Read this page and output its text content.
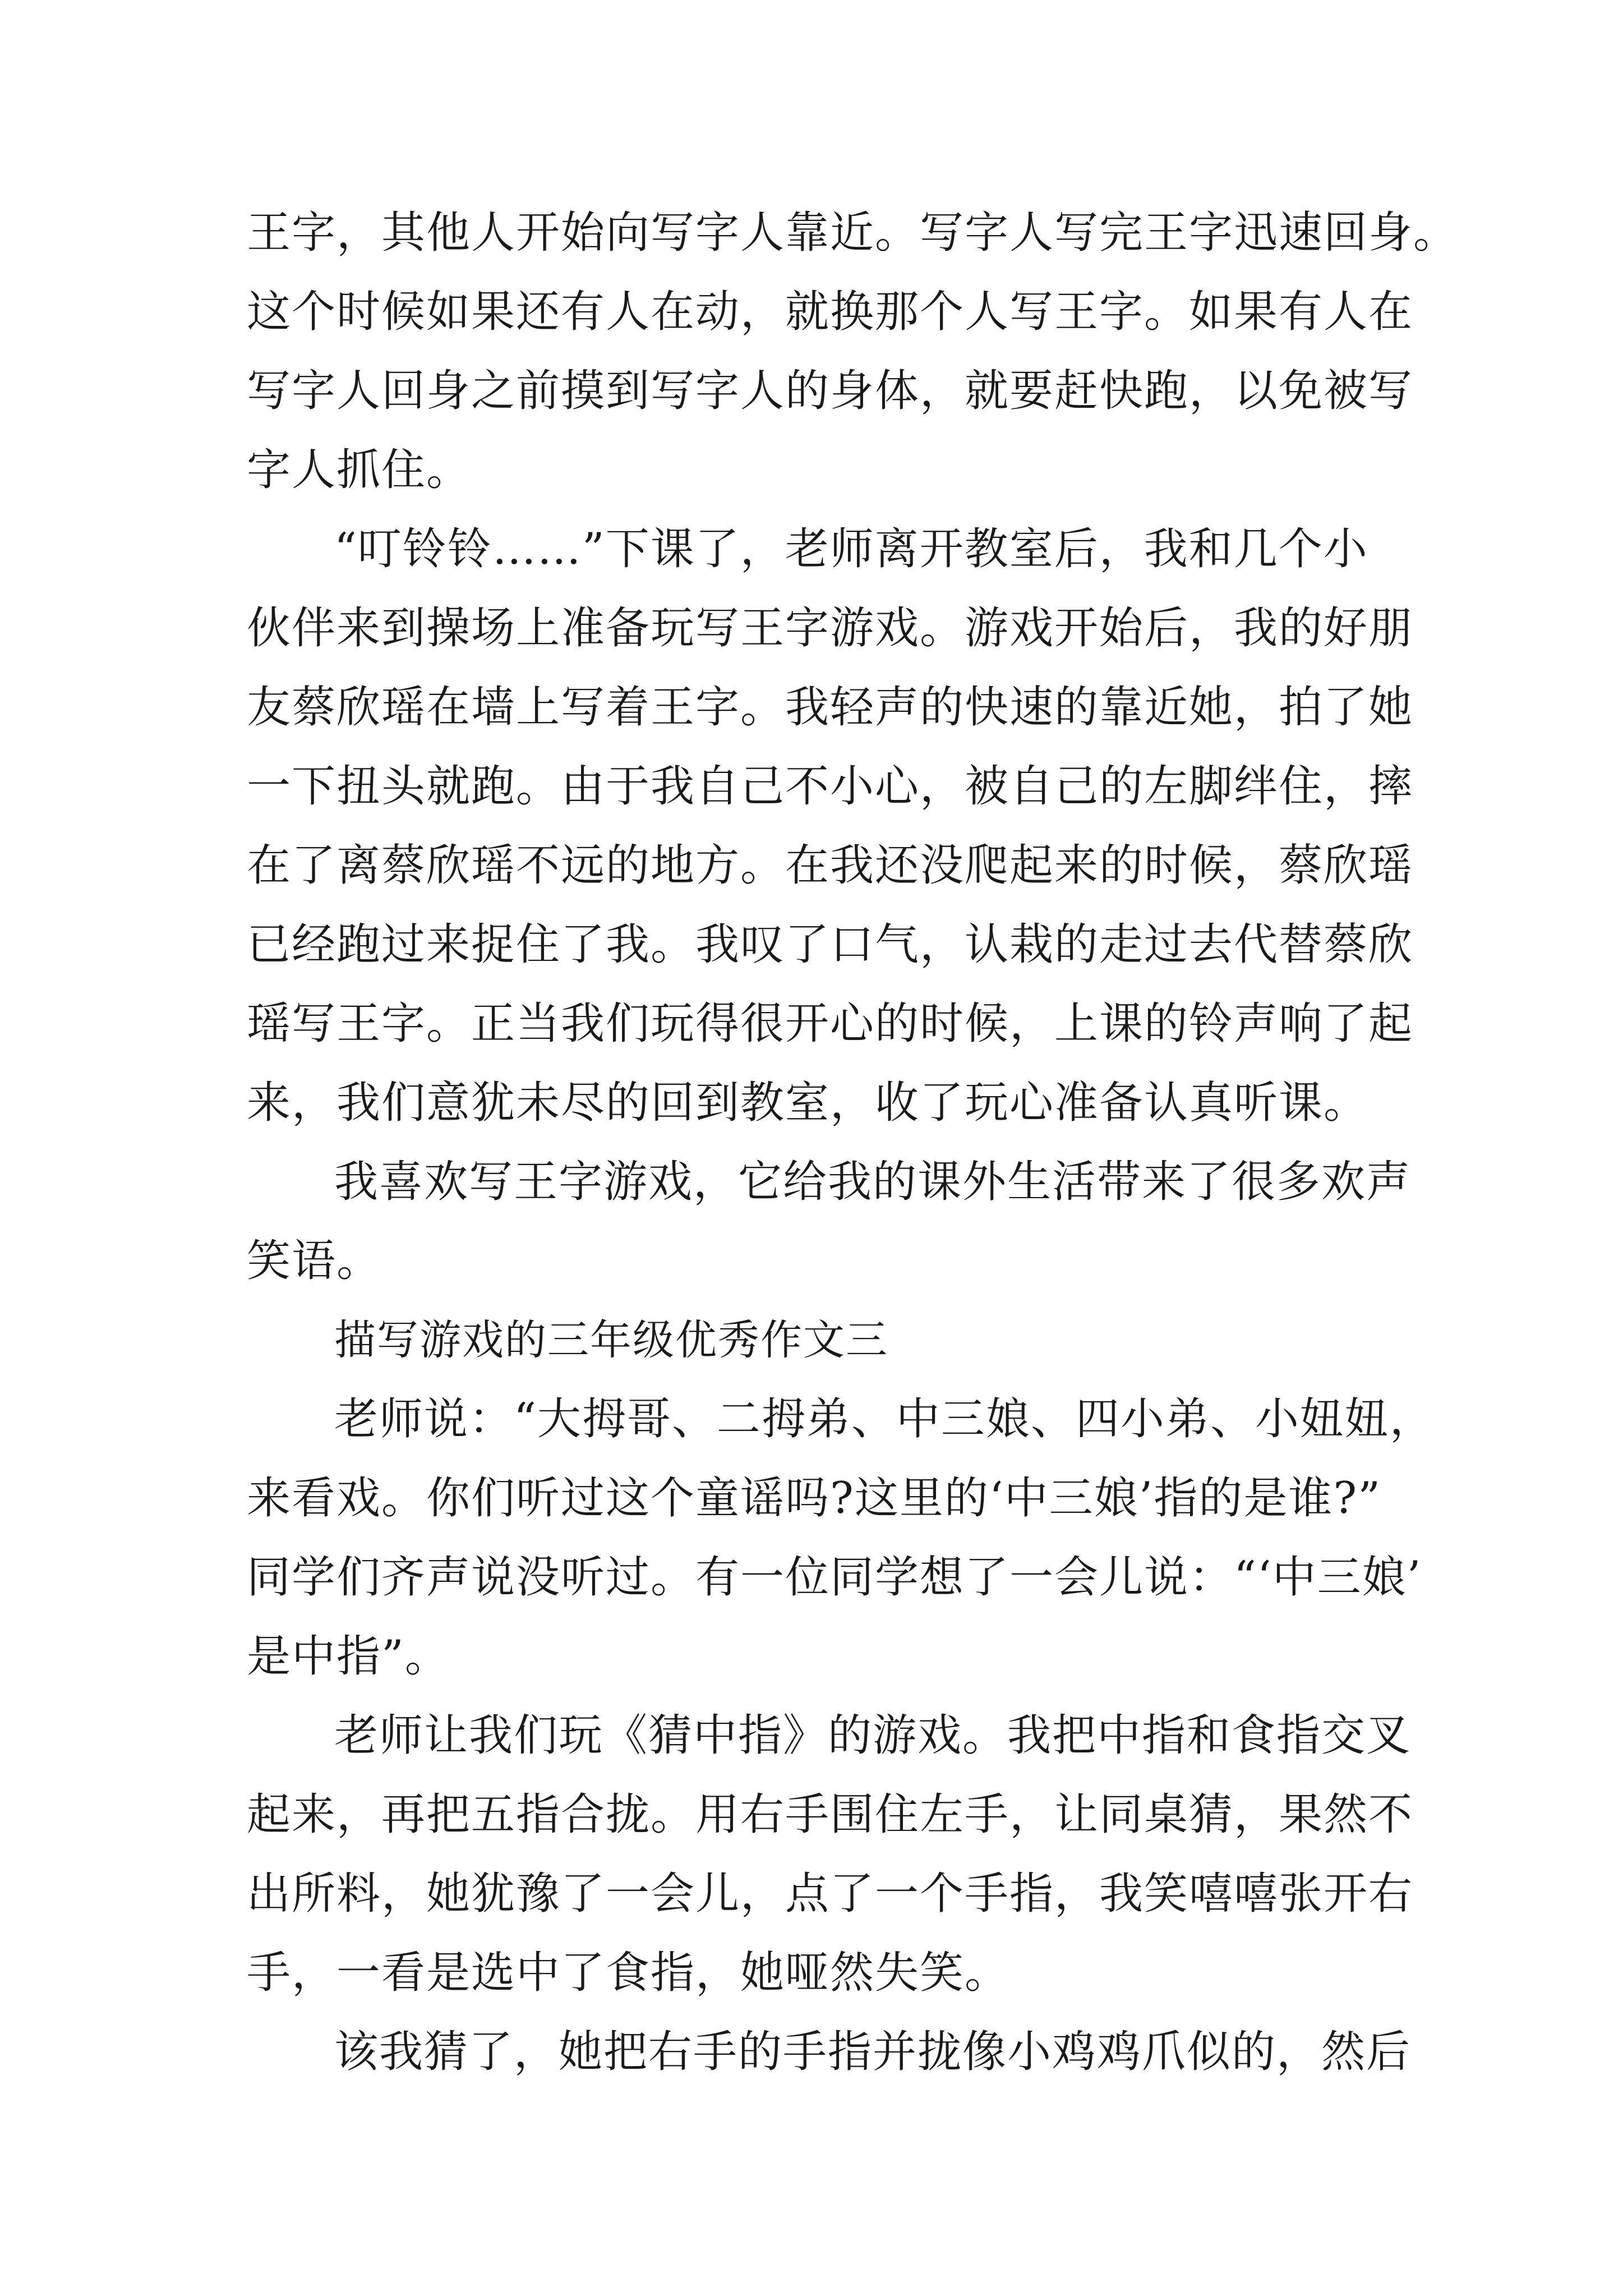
王字，其他人开始向写字人靠近。写字人写完王字迅速回身。
这个时候如果还有人在动，就换那个人写王字。如果有人在
写字人回身之前摸到写字人的身体，就要赶快跑，以免被写
字人抓住。
“叮铃铃……”下课了，老师离开教室后，我和几个小
伙伴来到操场上准备玩写王字游戏。游戏开始后，我的好朋
友蔡欣瑶在墙上写着王字。我轻声的快速的靠近她，拍了她
一下扭头就跑。由于我自己不小心，被自己的左脚绊住，摔
在了离蔡欣瑶不远的地方。在我还没爬起来的时候，蔡欣瑶
已经跑过来捉住了我。我叹了口气，认栽的走过去代替蔡欣
瑶写王字。正当我们玩得很开心的时候，上课的铃声响了起
来，我们意犹未尽的回到教室，收了玩心准备认真听课。
我喜欢写王字游戏，它给我的课外生活带来了很多欢声
笑语。
描写游戏的三年级优秀作文三
老师说：“大拇哥、二拇弟、中三娘、四小弟、小妞妞，
来看戏。你们听过这个童谣吗?这里的‘中三娘’指的是谁?”
同学们齐声说没听过。有一位同学想了一会儿说：“‘中三娘’
是中指”。
老师让我们玩《猜中指》的游戏。我把中指和食指交叉
起来，再把五指合拢。用右手围住左手，让同桌猜，果然不
出所料，她犹豫了一会儿，点了一个手指，我笑嘻嘻张开右
手，一看是选中了食指，她哑然失笑。
该我猜了，她把右手的手指并拢像小鸡鸡爪似的，然后
